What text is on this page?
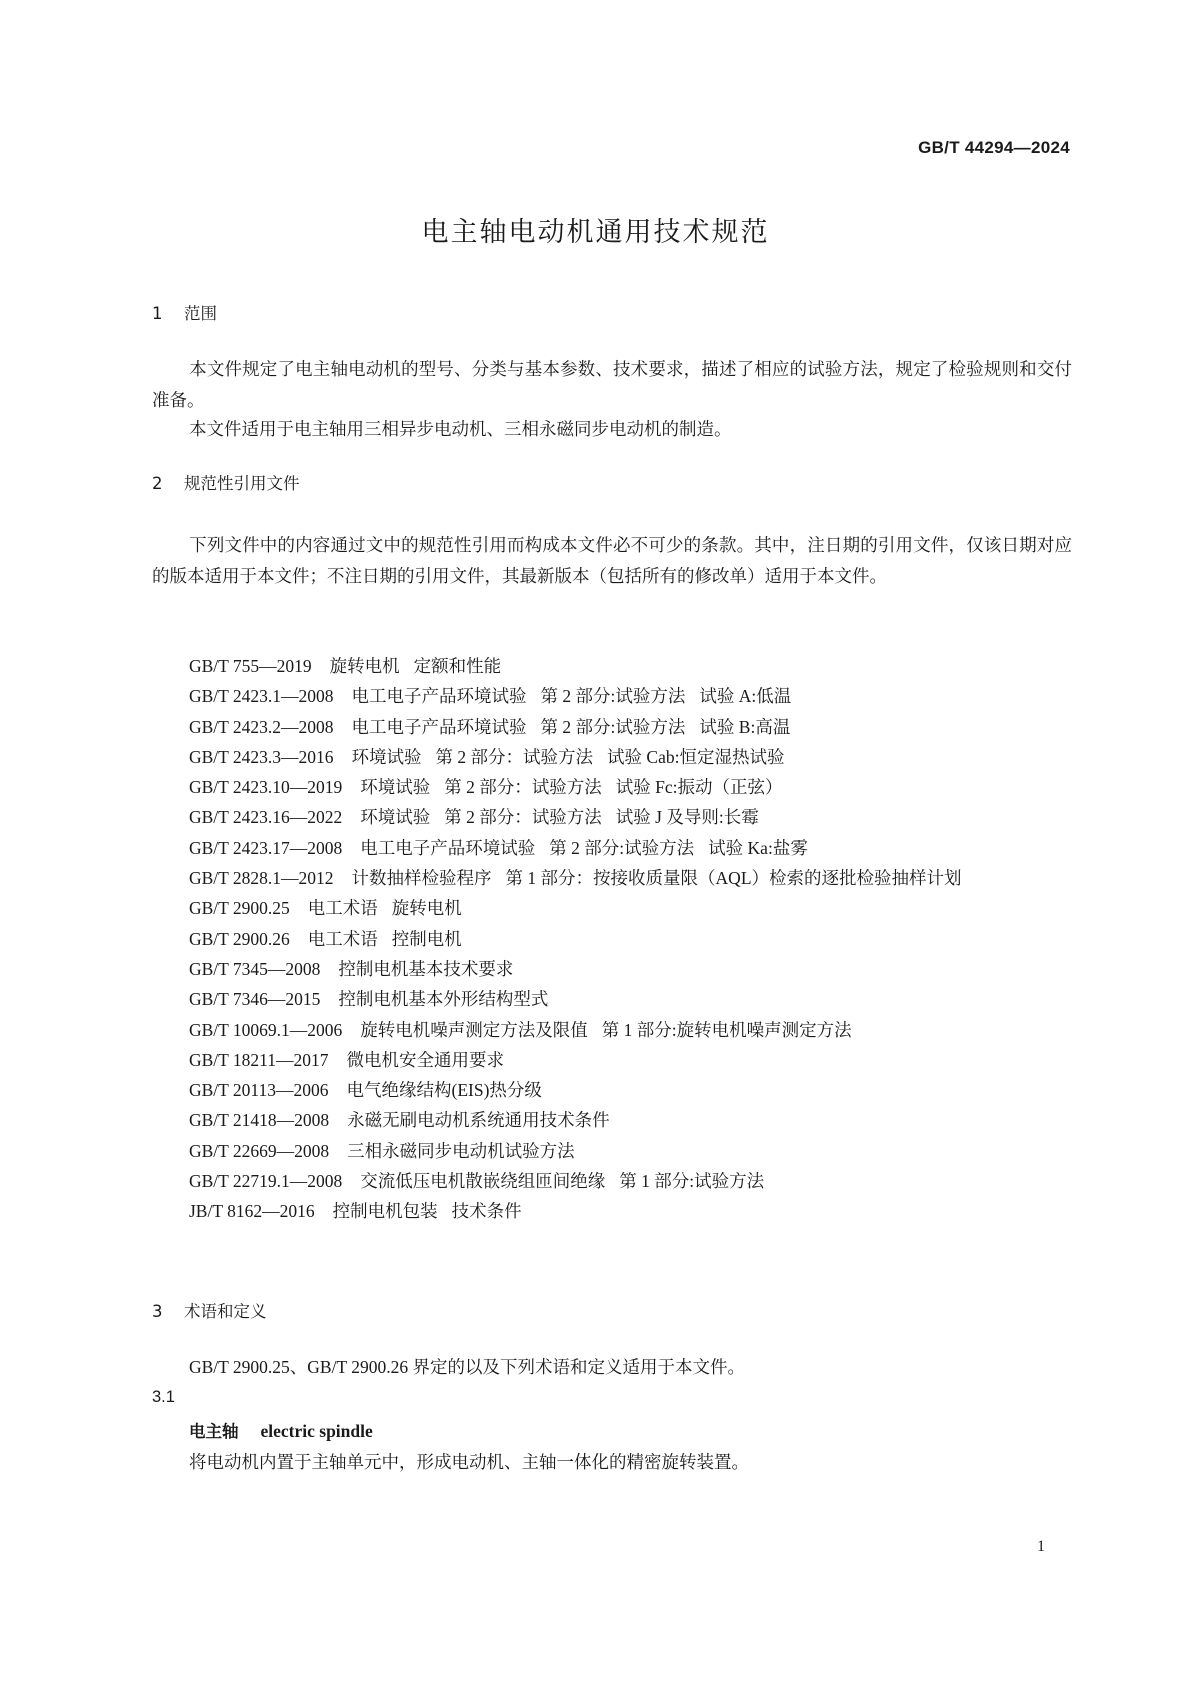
GB/T 44294—2024
电主轴电动机通用技术规范
1 范围

本文件规定了电主轴电动机的型号、分类与基本参数、技术要求，描述了相应的试验方法，规定了检验规则和交付准备。

本文件适用于电主轴用三相异步电动机、三相永磁同步电动机的制造。

2 规范性引用文件

下列文件中的内容通过文中的规范性引用而构成本文件必不可少的条款。其中，注日期的引用文件，仅该日期对应的版本适用于本文件；不注日期的引用文件，其最新版本（包括所有的修改单）适用于本文件。

GB/T 755—2019 旋转电机 定额和性能
GB/T 2423.1—2008 电工电子产品环境试验 第 2 部分:试验方法 试验 A:低温
GB/T 2423.2—2008 电工电子产品环境试验 第 2 部分:试验方法 试验 B:高温
GB/T 2423.3—2016 环境试验 第 2 部分：试验方法 试验 Cab:恒定湿热试验
GB/T 2423.10—2019 环境试验 第 2 部分：试验方法 试验 Fc:振动（正弦）
GB/T 2423.16—2022 环境试验 第 2 部分：试验方法 试验 J 及导则:长霉
GB/T 2423.17—2008 电工电子产品环境试验 第 2 部分:试验方法 试验 Ka:盐雾
GB/T 2828.1—2012 计数抽样检验程序 第 1 部分：按接收质量限（AQL）检索的逐批检验抽样计划
GB/T 2900.25 电工术语 旋转电机
GB/T 2900.26 电工术语 控制电机
GB/T 7345—2008 控制电机基本技术要求
GB/T 7346—2015 控制电机基本外形结构型式
GB/T 10069.1—2006 旋转电机噪声测定方法及限值 第 1 部分:旋转电机噪声测定方法
GB/T 18211—2017 微电机安全通用要求
GB/T 20113—2006 电气绝缘结构(EIS)热分级
GB/T 21418—2008 永磁无刷电动机系统通用技术条件
GB/T 22669—2008 三相永磁同步电动机试验方法
GB/T 22719.1—2008 交流低压电机散嵌绕组匝间绝缘 第 1 部分:试验方法
JB/T 8162—2016 控制电机包装 技术条件
3 术语和定义

GB/T 2900.25、GB/T 2900.26 界定的以及下列术语和定义适用于本文件。

3.1
电主轴 electric spindle
将电动机内置于主轴单元中，形成电动机、主轴一体化的精密旋转装置。
1
